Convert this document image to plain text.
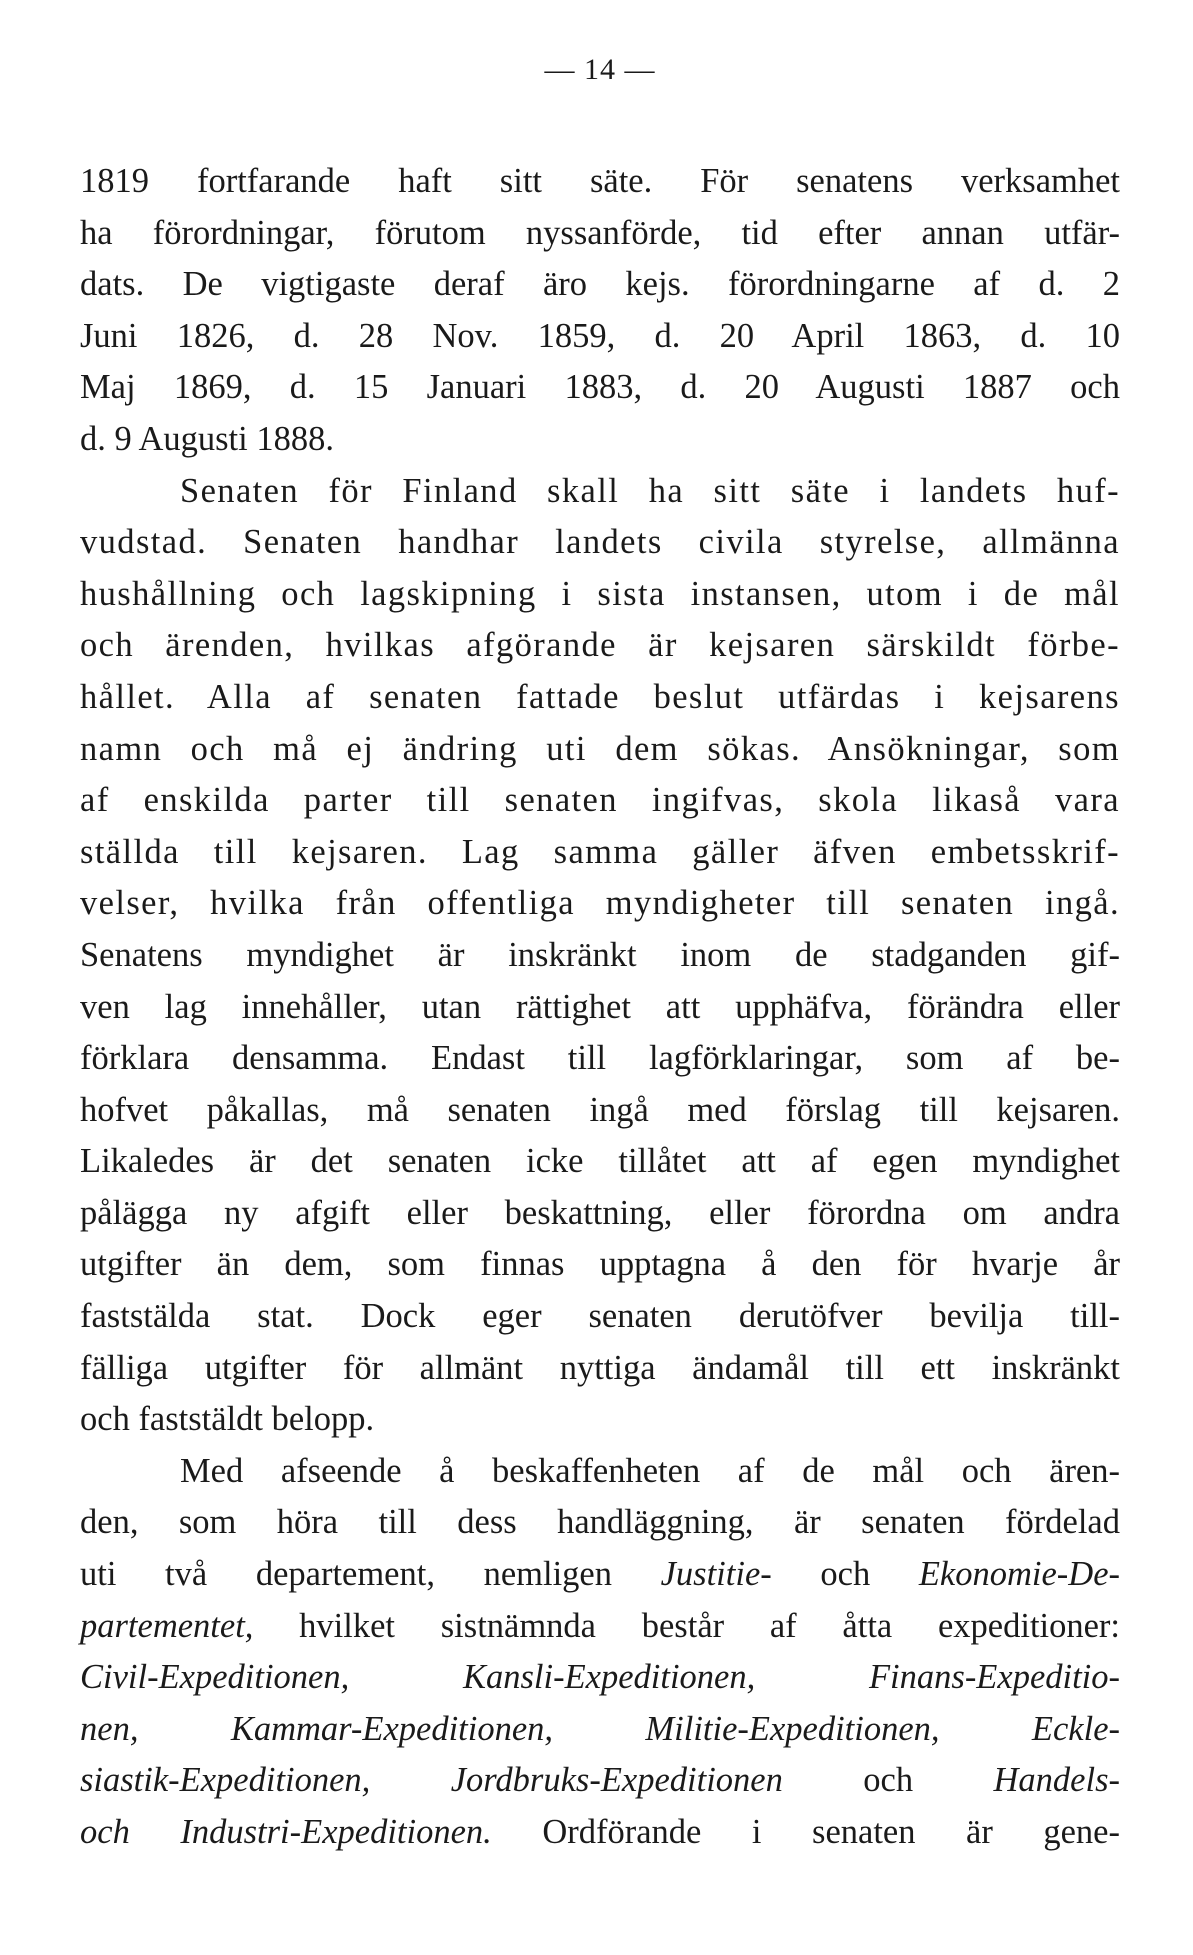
— 14 —
1819 fortfarande haft sitt säte. För senatens verksamhet
ha förordningar, förutom nyssanförde, tid efter annan utfär-
dats. De vigtigaste deraf äro kejs. förordningarne af d. 2
Juni 1826, d. 28 Nov. 1859, d. 20 April 1863, d. 10
Maj 1869, d. 15 Januari 1883, d. 20 Augusti 1887 och
d. 9 Augusti 1888.
Senaten för Finland skall ha sitt säte i landets huf-
vudstad. Senaten handhar landets civila styrelse, allmänna
hushållning och lagskipning i sista instansen, utom i de mål
och ärenden, hvilkas afgörande är kejsaren särskildt förbe-
hållet. Alla af senaten fattade beslut utfärdas i kejsarens
namn och må ej ändring uti dem sökas. Ansökningar, som
af enskilda parter till senaten ingifvas, skola likaså vara
ställda till kejsaren. Lag samma gäller äfven embetsskrif-
velser, hvilka från offentliga myndigheter till senaten ingå.
Senatens myndighet är inskränkt inom de stadganden gif-
ven lag innehåller, utan rättighet att upphäfva, förändra eller
förklara densamma. Endast till lagförklaringar, som af be-
hofvet påkallas, må senaten ingå med förslag till kejsaren.
Likaledes är det senaten icke tillåtet att af egen myndighet
pålägga ny afgift eller beskattning, eller förordna om andra
utgifter än dem, som finnas upptagna å den för hvarje år
faststälda stat. Dock eger senaten derutöfver bevilja till-
fälliga utgifter för allmänt nyttiga ändamål till ett inskränkt
och faststäldt belopp.
Med afseende å beskaffenheten af de mål och ären-
den, som höra till dess handläggning, är senaten fördelad
uti två departement, nemligen Justitie- och Ekonomie-De-
partementet, hvilket sistnämnda består af åtta expeditioner:
Civil-Expeditionen, Kansli-Expeditionen, Finans-Expeditio-
nen, Kammar-Expeditionen, Militie-Expeditionen, Eckle-
siastik-Expeditionen, Jordbruks-Expeditionen och Handels-
och Industri-Expeditionen. Ordförande i senaten är gene-
